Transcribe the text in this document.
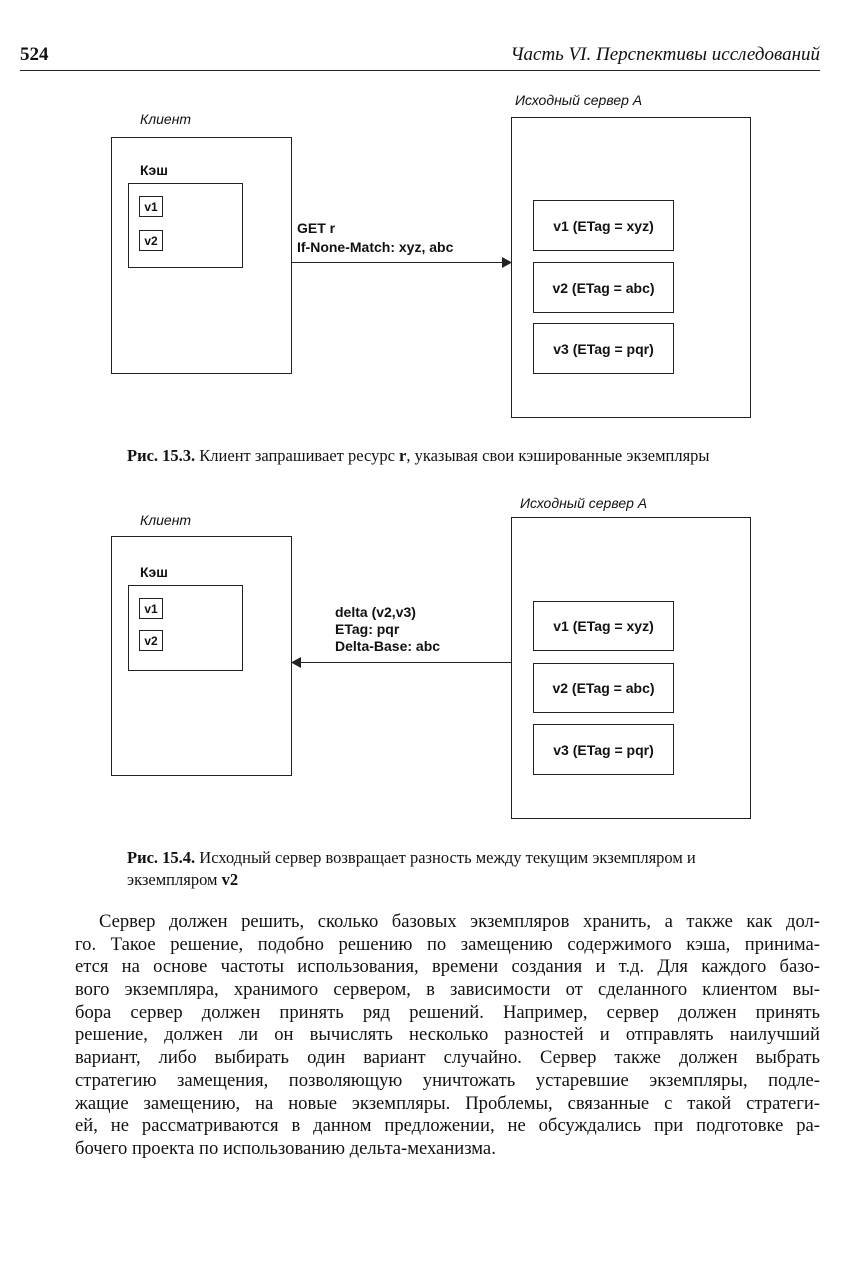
524	Часть VI. Перспективы исследований
Клиент
Кэш
v1
v2
Исходный сервер А
v1 (ETag = xyz)
v2 (ETag = abc)
v3 (ETag = pqr)
GET r
If-None-Match: xyz, abc
Рис. 15.3. Клиент запрашивает ресурс r, указывая свои кэшированные экземпляры
Клиент
Кэш
v1
v2
Исходный сервер А
v1 (ETag = xyz)
v2 (ETag = abc)
v3 (ETag = pqr)
delta (v2,v3)
ETag: pqr
Delta-Base: abc
Рис. 15.4. Исходный сервер возвращает разность между текущим экземпляром и
экземпляром v2
Сервер должен решить, сколько базовых экземпляров хранить, а также как дол-
го. Такое решение, подобно решению по замещению содержимого кэша, принима-
ется на основе частоты использования, времени создания и т.д. Для каждого базо-
вого экземпляра, хранимого сервером, в зависимости от сделанного клиентом вы-
бора сервер должен принять ряд решений. Например, сервер должен принять
решение, должен ли он вычислять несколько разностей и отправлять наилучший
вариант, либо выбирать один вариант случайно. Сервер также должен выбрать
стратегию замещения, позволяющую уничтожать устаревшие экземпляры, подле-
жащие замещению, на новые экземпляры. Проблемы, связанные с такой стратеги-
ей, не рассматриваются в данном предложении, не обсуждались при подготовке ра-
бочего проекта по использованию дельта-механизма.
